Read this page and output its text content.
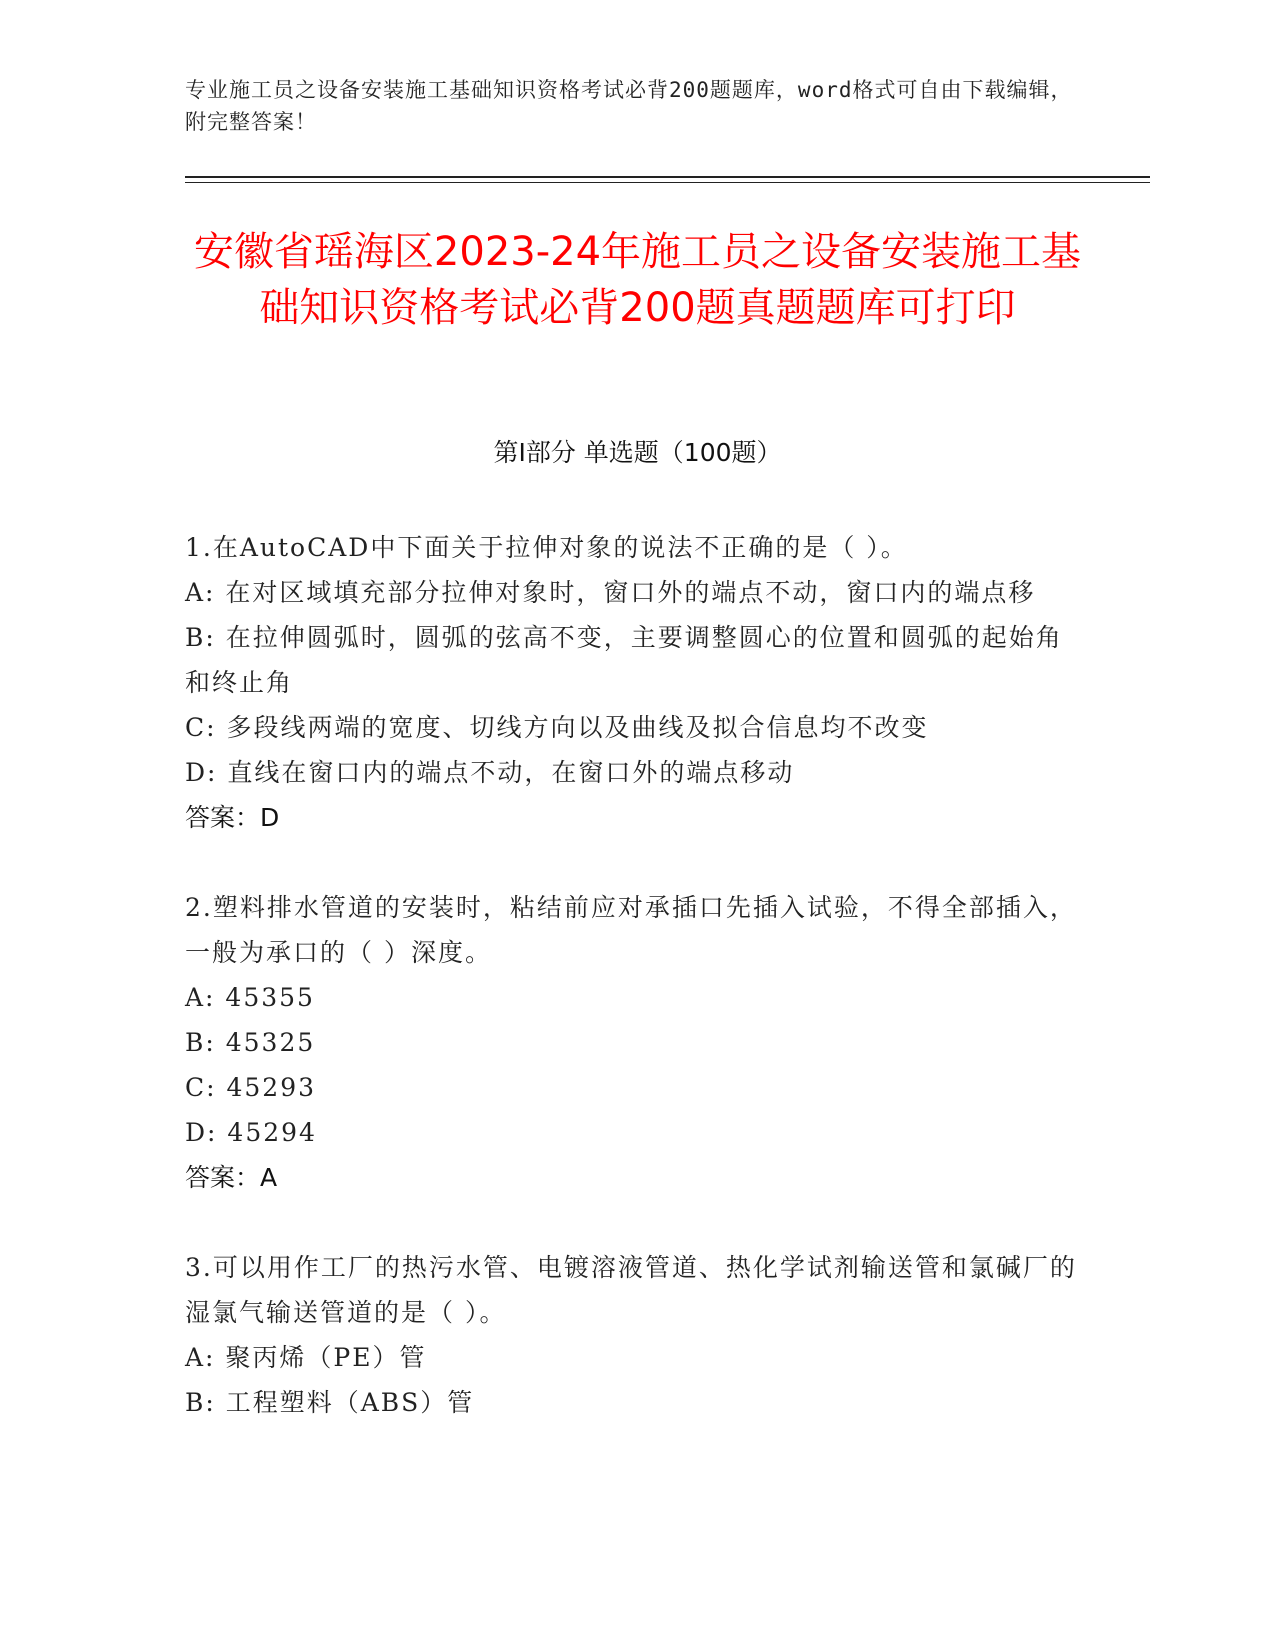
专业施工员之设备安装施工基础知识资格考试必背200题题库，word格式可自由下载编辑，附完整答案！
安徽省瑶海区2023-24年施工员之设备安装施工基础知识资格考试必背200题真题题库可打印
第Ⅰ部分 单选题（100题）

1.在AutoCAD中下面关于拉伸对象的说法不正确的是（ ）。

A: 在对区域填充部分拉伸对象时，窗口外的端点不动，窗口内的端点移

B: 在拉伸圆弧时，圆弧的弦高不变，主要调整圆心的位置和圆弧的起始角和终止角

C: 多段线两端的宽度、切线方向以及曲线及拟合信息均不改变

D: 直线在窗口内的端点不动，在窗口外的端点移动

答案：D

2.塑料排水管道的安装时，粘结前应对承插口先插入试验，不得全部插入，一般为承口的（ ）深度。

A: 45355

B: 45325

C: 45293

D: 45294

答案：A

3.可以用作工厂的热污水管、电镀溶液管道、热化学试剂输送管和氯碱厂的湿氯气输送管道的是（ ）。

A: 聚丙烯（PE）管

B: 工程塑料（ABS）管
